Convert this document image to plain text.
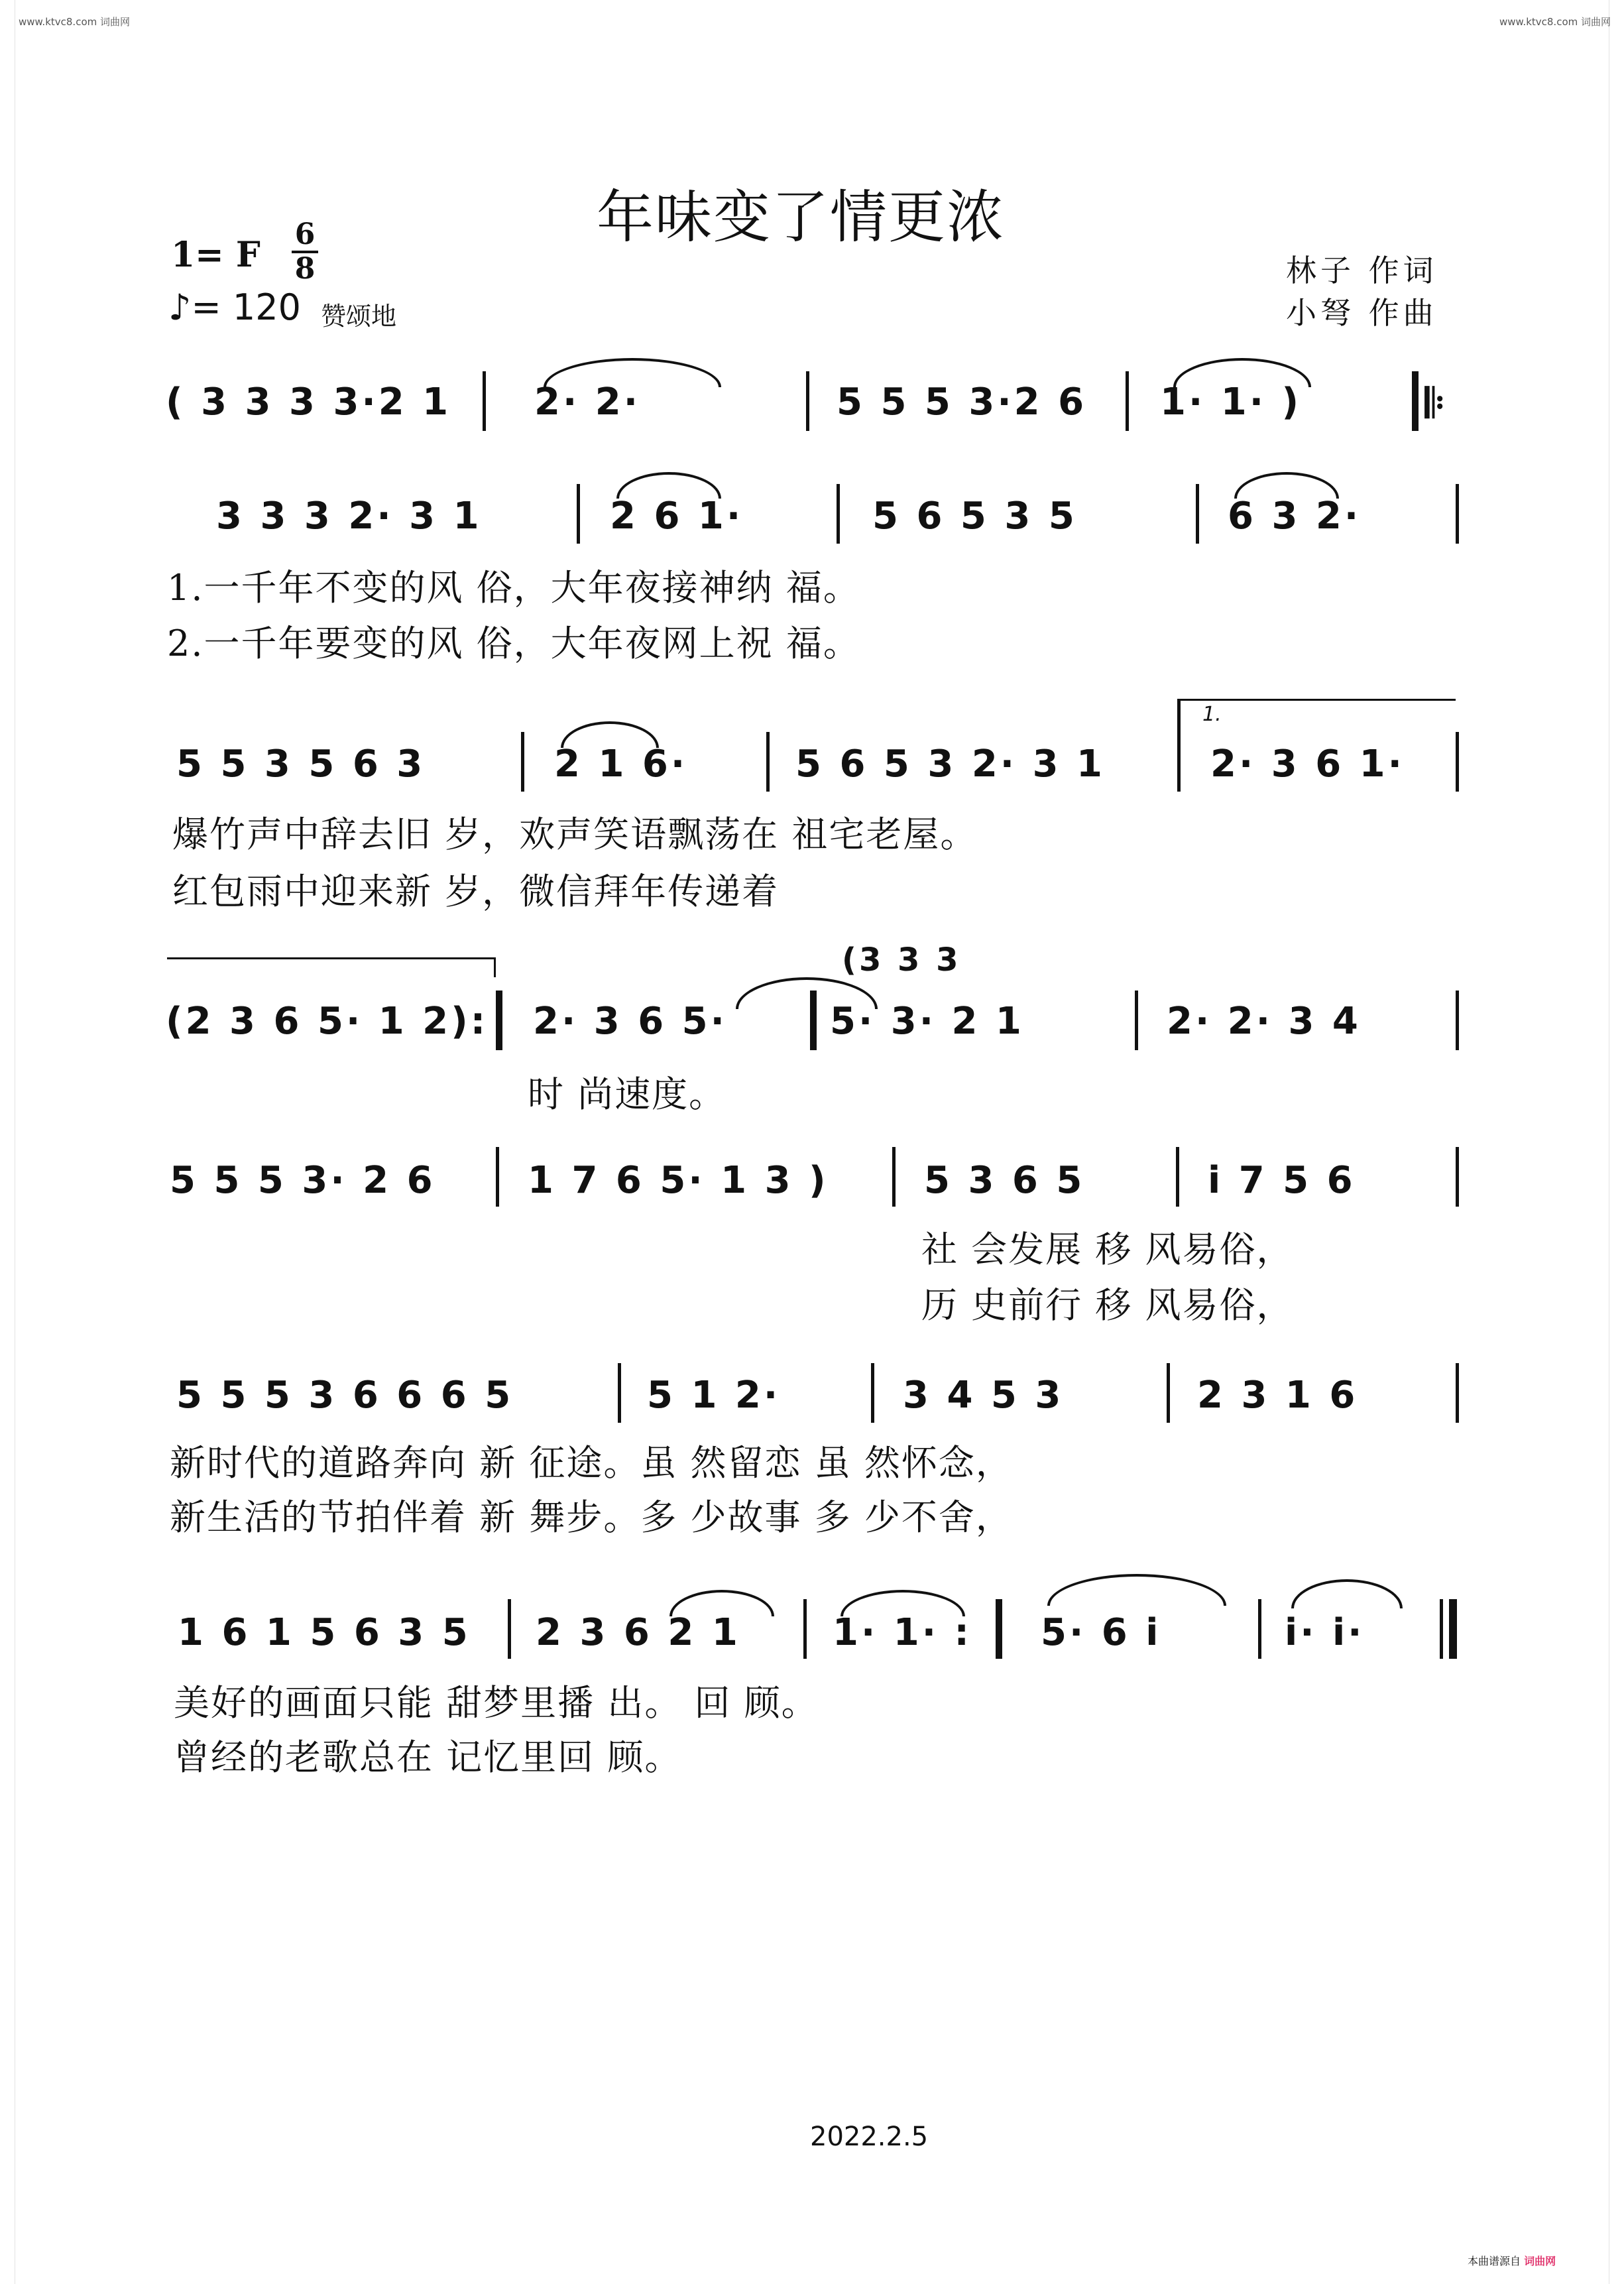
www.ktvc8.com 词曲网	www.ktvc8.com 词曲网
年味变了情更浓
1= F
6
8
♪= 120 赞颂地
林子 作词
小弩 作曲
( 3 3 3 3·2 1 2· 2·	5 5 5 3·2 6 1· 1· )	𝄆
3 3 3 2· 3 1	2 6 1·	5 6 5 3 5	6 3 2·
1.一千年不变的风 俗，大年夜接神纳 福。
2.一千年要变的风 俗，大年夜网上祝 福。
5 5 3 5 6 3	2 1 6·	5 6 5 3 2· 3 1
1.
2· 3 6 1·
爆竹声中辞去旧 岁，欢声笑语飘荡在 祖宅老屋。
红包雨中迎来新 岁，微信拜年传递着
(2 3 6 5· 1 2): 2· 3 6 5·
(3 3 3
5· 3· 2 1	2· 2· 3 4
时 尚速度。
5 5 5 3· 2 6 1 7 6 5· 1 3 )	5 3 6 5	i̇ 7 5 6
社 会发展 移 风易俗，
历 史前行 移 风易俗，
5 5 5 3 6 6 6 5	5 1 2·	3 4 5 3	2 3 1 6
新时代的道路奔向 新 征途。虽 然留恋 虽 然怀念，
新生活的节拍伴着 新 舞步。多 少故事 多 少不舍，
1 6 1 5 6 3 5 2 3 6 2 1 1· 1· : 5· 6 i̇	i̇· i̇·
美好的画面只能 甜梦里播 出。 回 顾。
曾经的老歌总在 记忆里回 顾。
2022.2.5
本曲谱源自 词曲网
